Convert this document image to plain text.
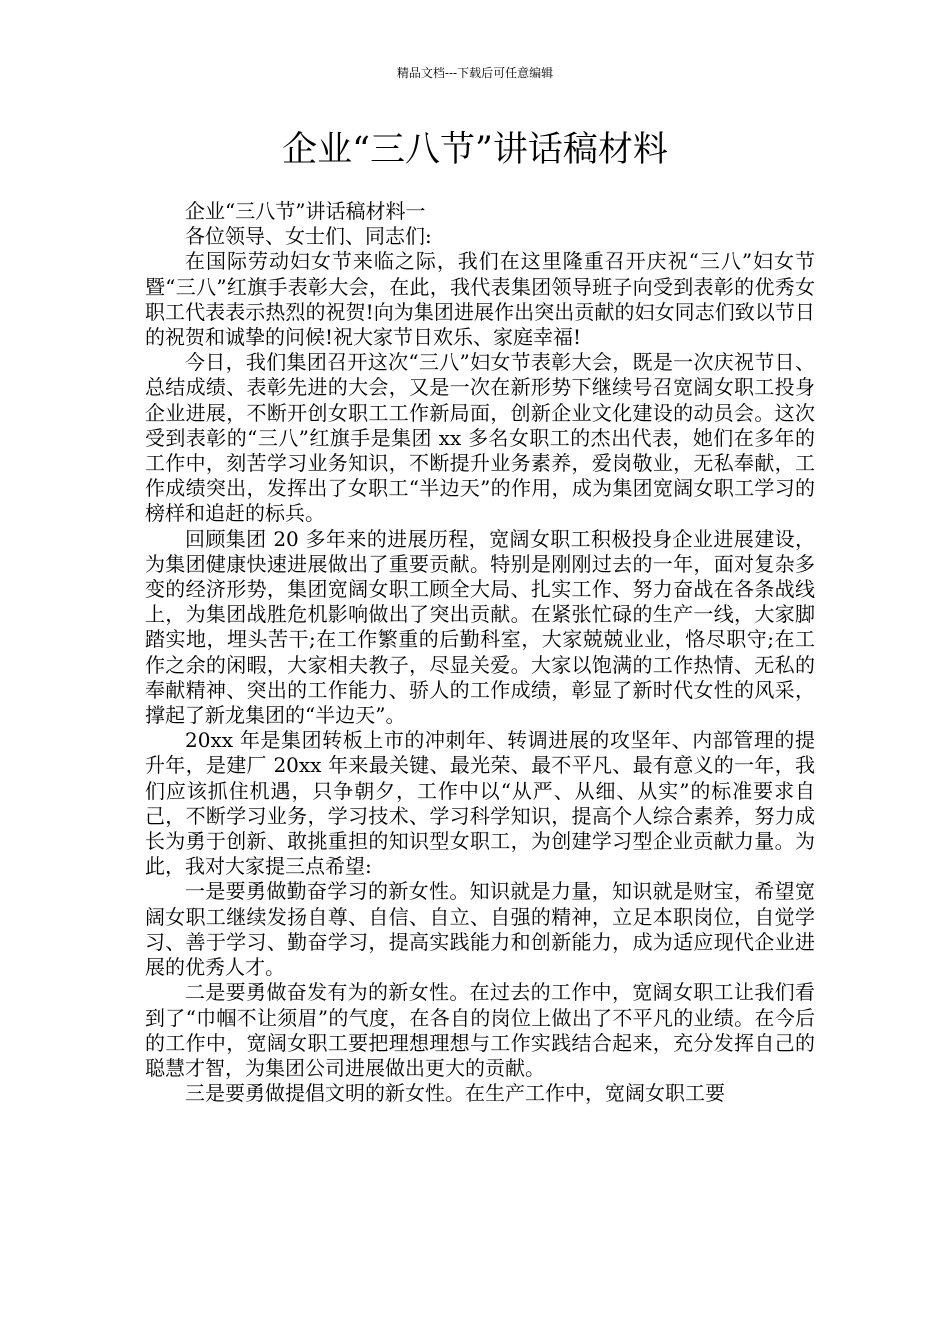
精品文档---下载后可任意编辑
企业“三八节”讲话稿材料

企业“三八节”讲话稿材料一

各位领导、女士们、同志们:

在国际劳动妇女节来临之际，我们在这里隆重召开庆祝“三八”妇女节暨“三八”红旗手表彰大会，在此，我代表集团领导班子向受到表彰的优秀女职工代表表示热烈的祝贺!向为集团进展作出突出贡献的妇女同志们致以节日的祝贺和诚挚的问候!祝大家节日欢乐、家庭幸福!

今日，我们集团召开这次“三八”妇女节表彰大会，既是一次庆祝节日、总结成绩、表彰先进的大会，又是一次在新形势下继续号召宽阔女职工投身企业进展，不断开创女职工工作新局面，创新企业文化建设的动员会。这次受到表彰的“三八”红旗手是集团 xx 多名女职工的杰出代表，她们在多年的工作中，刻苦学习业务知识，不断提升业务素养，爱岗敬业，无私奉献，工作成绩突出，发挥出了女职工“半边天”的作用，成为集团宽阔女职工学习的榜样和追赶的标兵。

回顾集团 20 多年来的进展历程，宽阔女职工积极投身企业进展建设，为集团健康快速进展做出了重要贡献。特别是刚刚过去的一年，面对复杂多变的经济形势，集团宽阔女职工顾全大局、扎实工作、努力奋战在各条战线上，为集团战胜危机影响做出了突出贡献。在紧张忙碌的生产一线，大家脚踏实地，埋头苦干;在工作繁重的后勤科室，大家兢兢业业，恪尽职守;在工作之余的闲暇，大家相夫教子，尽显关爱。大家以饱满的工作热情、无私的奉献精神、突出的工作能力、骄人的工作成绩，彰显了新时代女性的风采，撑起了新龙集团的“半边天”。

20xx 年是集团转板上市的冲刺年、转调进展的攻坚年、内部管理的提升年，是建厂 20xx 年来最关键、最光荣、最不平凡、最有意义的一年，我们应该抓住机遇，只争朝夕，工作中以“从严、从细、从实”的标准要求自己，不断学习业务，学习技术、学习科学知识，提高个人综合素养，努力成长为勇于创新、敢挑重担的知识型女职工，为创建学习型企业贡献力量。为此，我对大家提三点希望:

一是要勇做勤奋学习的新女性。知识就是力量，知识就是财宝，希望宽阔女职工继续发扬自尊、自信、自立、自强的精神，立足本职岗位，自觉学习、善于学习、勤奋学习，提高实践能力和创新能力，成为适应现代企业进展的优秀人才。

二是要勇做奋发有为的新女性。在过去的工作中，宽阔女职工让我们看到了“巾帼不让须眉”的气度，在各自的岗位上做出了不平凡的业绩。在今后的工作中，宽阔女职工要把理想理想与工作实践结合起来，充分发挥自己的聪慧才智，为集团公司进展做出更大的贡献。

三是要勇做提倡文明的新女性。在生产工作中，宽阔女职工要
